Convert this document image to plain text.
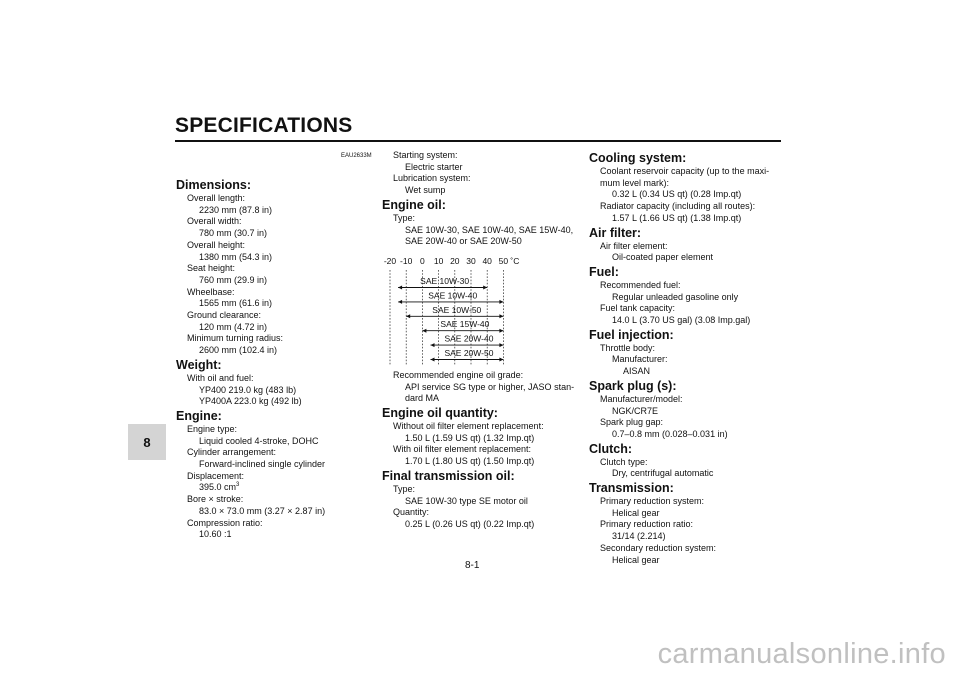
SPECIFICATIONS
8
EAU2633M
Dimensions:
Overall length:
2230 mm (87.8 in)
Overall width:
780 mm (30.7 in)
Overall height:
1380 mm (54.3 in)
Seat height:
760 mm (29.9 in)
Wheelbase:
1565 mm (61.6 in)
Ground clearance:
120 mm (4.72 in)
Minimum turning radius:
2600 mm (102.4 in)
Weight:
With oil and fuel:
YP400 219.0 kg (483 lb)
YP400A 223.0 kg (492 lb)
Engine:
Engine type:
Liquid cooled 4-stroke, DOHC
Cylinder arrangement:
Forward-inclined single cylinder
Displacement:
395.0 $cm^3$
Bore × stroke:
83.0 × 73.0 mm (3.27 × 2.87 in)
Compression ratio:
10.60 :1
Starting system:
Electric starter
Lubrication system:
Wet sump
Engine oil:
Type:
SAE 10W-30, SAE 10W-40, SAE 15W-40,
SAE 20W-40 or SAE 20W-50
-20 -10 0 10 20 30 40 50 ˚C
SAE 10W-30
SAE 10W-40
SAE 10W-50
SAE 15W-40
SAE 20W-40
SAE 20W-50
Recommended engine oil grade:
API service SG type or higher, JASO stan-
dard MA
Engine oil quantity:
Without oil filter element replacement:
1.50 L (1.59 US qt) (1.32 Imp.qt)
With oil filter element replacement:
1.70 L (1.80 US qt) (1.50 Imp.qt)
Final transmission oil:
Type:
SAE 10W-30 type SE motor oil
Quantity:
0.25 L (0.26 US qt) (0.22 Imp.qt)
Cooling system:
Coolant reservoir capacity (up to the maxi-
mum level mark):
0.32 L (0.34 US qt) (0.28 Imp.qt)
Radiator capacity (including all routes):
1.57 L (1.66 US qt) (1.38 Imp.qt)
Air filter:
Air filter element:
Oil-coated paper element
Fuel:
Recommended fuel:
Regular unleaded gasoline only
Fuel tank capacity:
14.0 L (3.70 US gal) (3.08 Imp.gal)
Fuel injection:
Throttle body:
Manufacturer:
AISAN
Spark plug (s):
Manufacturer/model:
NGK/CR7E
Spark plug gap:
0.7–0.8 mm (0.028–0.031 in)
Clutch:
Clutch type:
Dry, centrifugal automatic
Transmission:
Primary reduction system:
Helical gear
Primary reduction ratio:
31/14 (2.214)
Secondary reduction system:
Helical gear
8-1
carmanualsonline.info
